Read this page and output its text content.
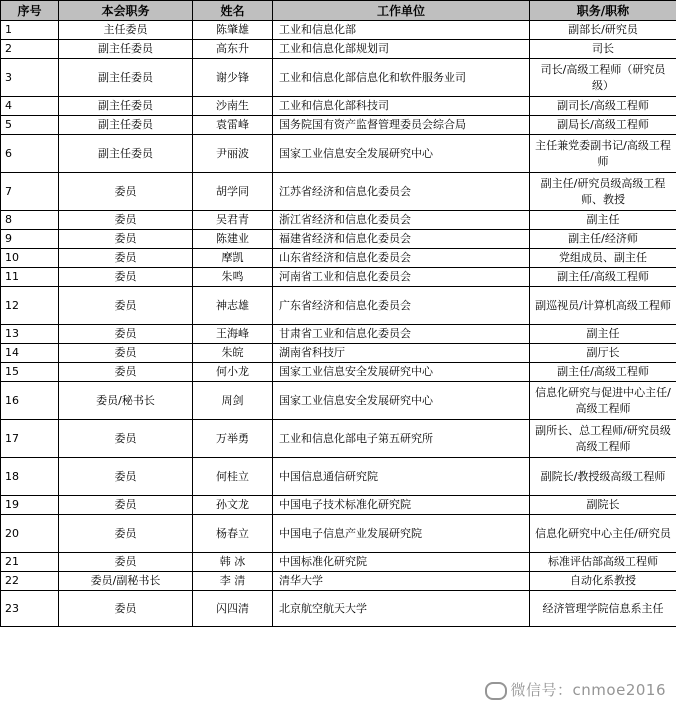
序号	本会职务	姓名	工作单位	职务/职称
1	主任委员	陈肇雄	工业和信息化部	副部长/研究员
2	副主任委员	高东升	工业和信息化部规划司	司长
3	副主任委员	谢少锋	工业和信息化部信息化和软件服务业司	司长/高级工程师（研究员级）
4	副主任委员	沙南生	工业和信息化部科技司	副司长/高级工程师
5	副主任委员	袁雷峰	国务院国有资产监督管理委员会综合局	副局长/高级工程师
6	副主任委员	尹丽波	国家工业信息安全发展研究中心	主任兼党委副书记/高级工程师
7	委员	胡学同	江苏省经济和信息化委员会	副主任/研究员级高级工程师、教授
8	委员	吴君青	浙江省经济和信息化委员会	副主任
9	委员	陈建业	福建省经济和信息化委员会	副主任/经济师
10	委员	摩凯	山东省经济和信息化委员会	党组成员、副主任
11	委员	朱鸣	河南省工业和信息化委员会	副主任/高级工程师
12	委员	神志雄	广东省经济和信息化委员会	副巡视员/计算机高级工程师
13	委员	王海峰	甘肃省工业和信息化委员会	副主任
14	委员	朱皖	湖南省科技厅	副厅长
15	委员	何小龙	国家工业信息安全发展研究中心	副主任/高级工程师
16	委员/秘书长	周剑	国家工业信息安全发展研究中心	信息化研究与促进中心主任/高级工程师
17	委员	万举勇	工业和信息化部电子第五研究所	副所长、总工程师/研究员级高级工程师
18	委员	何桂立	中国信息通信研究院	副院长/教授级高级工程师
19	委员	孙文龙	中国电子技术标准化研究院	副院长
20	委员	杨春立	中国电子信息产业发展研究院	信息化研究中心主任/研究员
21	委员	韩 冰	中国标准化研究院	标准评估部高级工程师
22	委员/副秘书长	李 清	清华大学	自动化系教授
23	委员	闪四清	北京航空航天大学	经济管理学院信息系主任
微信号：cnmoe2016
